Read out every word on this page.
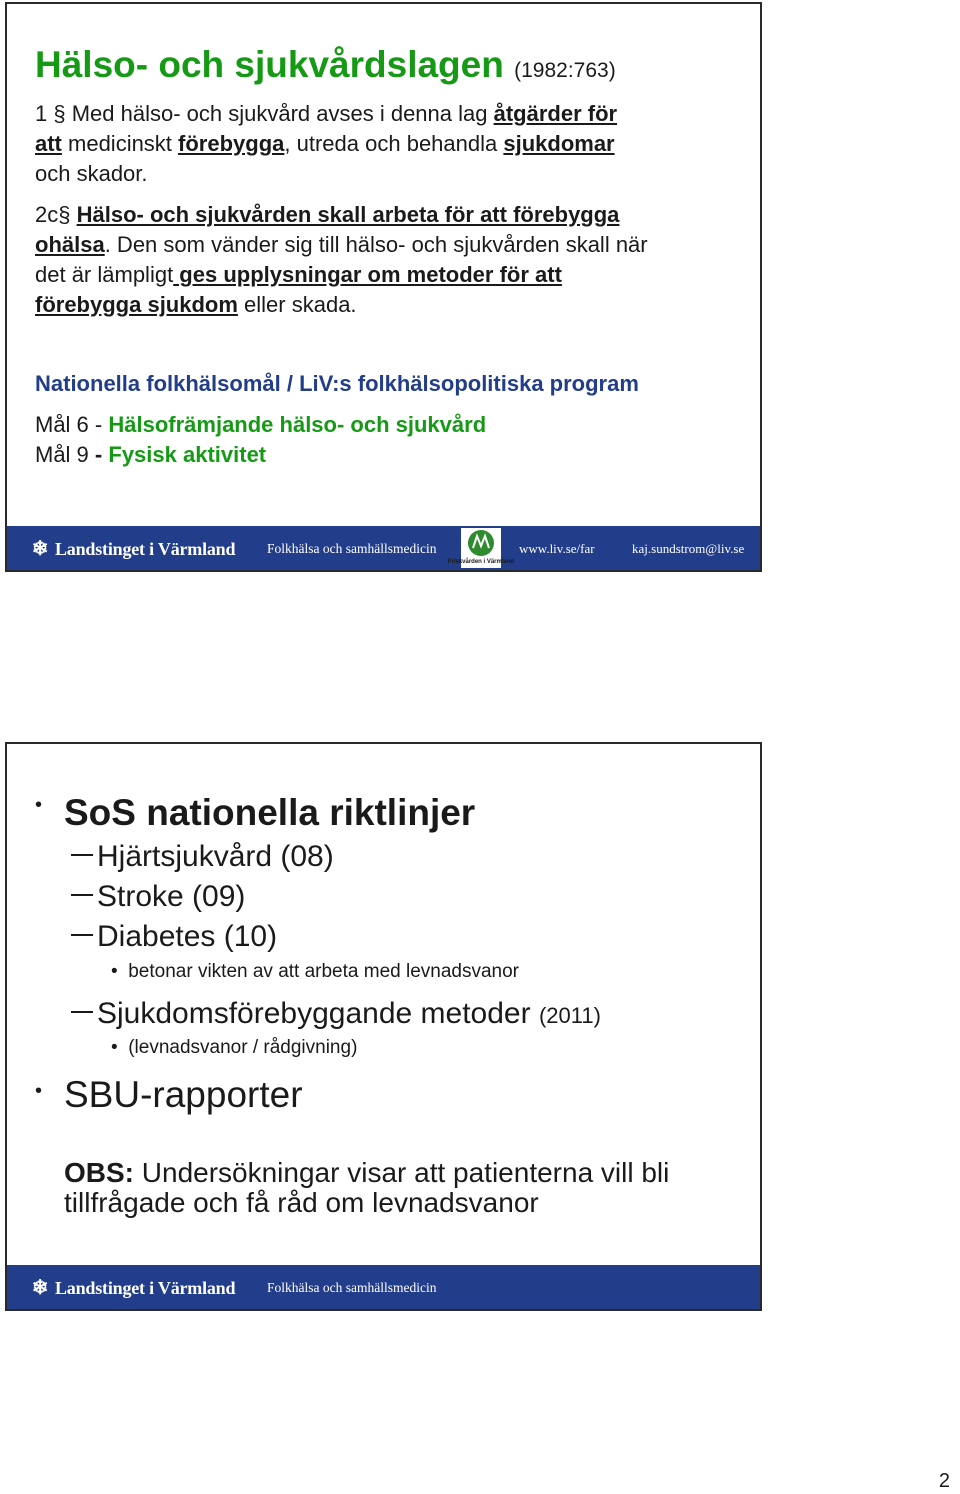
Hälso- och sjukvårdslagen (1982:763)
1 § Med hälso- och sjukvård avses i denna lag åtgärder för
att medicinskt förebygga, utreda och behandla sjukdomar
och skador.
2c§ Hälso- och sjukvården skall arbeta för att förebygga
ohälsa. Den som vänder sig till hälso- och sjukvården skall när
det är lämpligt ges upplysningar om metoder för att
förebygga sjukdom eller skada.
Nationella folkhälsomål / LiV:s folkhälsopolitiska program
Mål 6 - Hälsofrämjande hälso- och sjukvård
Mål 9 - Fysisk aktivitet
❄ Landstinget i Värmland Folkhälsa och samhällsmedicin
Friskvården i Värmland
www.liv.se/far	kaj.sundstrom@liv.se
• SoS nationella riktlinjer
Hjärtsjukvård (08)
Stroke (09)
Diabetes (10)
•  betonar vikten av att arbeta med levnadsvanor
Sjukdomsförebyggande metoder (2011)
•  (levnadsvanor / rådgivning)
• SBU-rapporter
OBS: Undersökningar visar att patienterna vill bli
tillfrågade och få råd om levnadsvanor
❄ Landstinget i Värmland Folkhälsa och samhällsmedicin
2
